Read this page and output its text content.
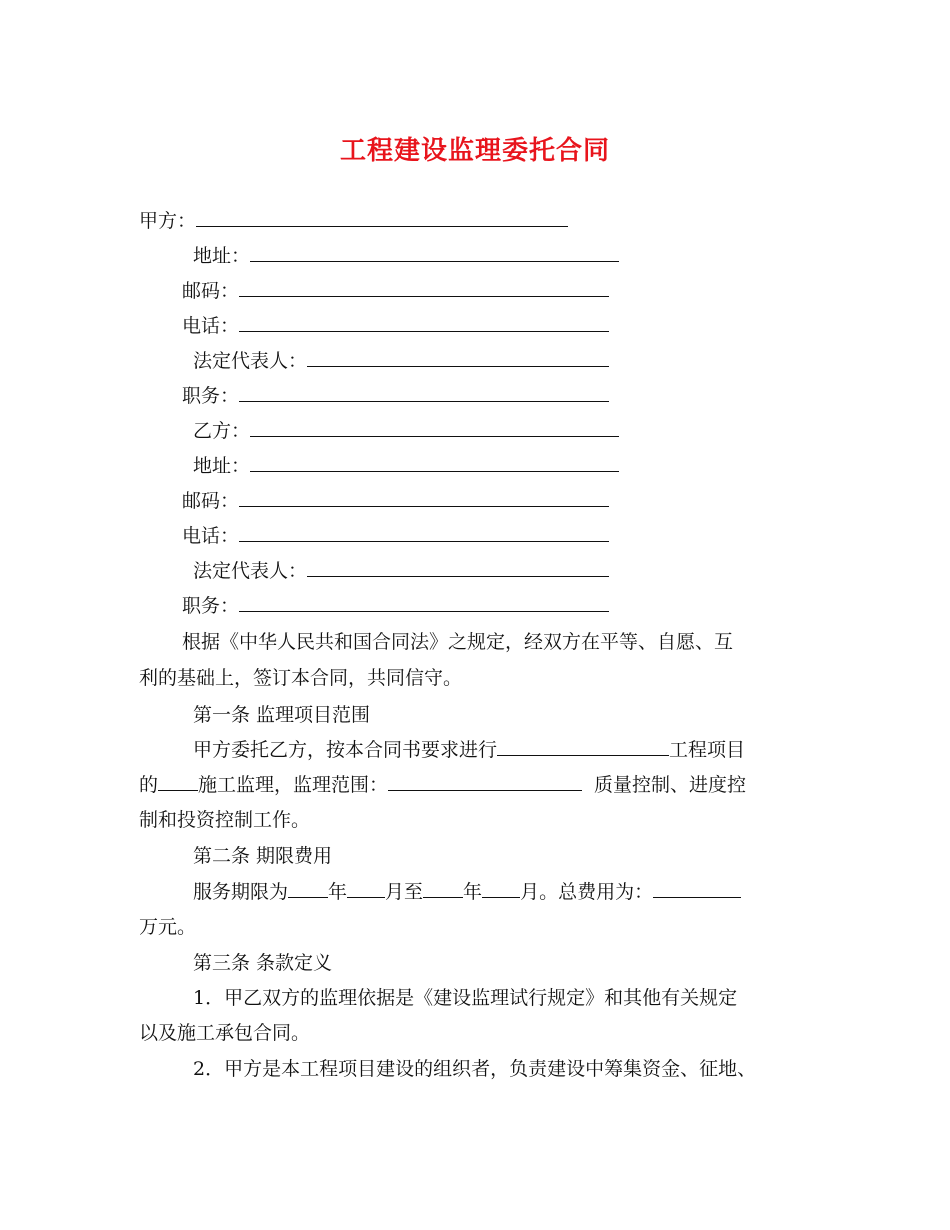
工程建设监理委托合同
甲方：
地址：
邮码：
电话：
法定代表人：
职务：
乙方：
地址：
邮码：
电话：
法定代表人：
职务：
根据《中华人民共和国合同法》之规定，经双方在平等、自愿、互
利的基础上，签订本合同，共同信守。
第一条 监理项目范围
甲方委托乙方，按本合同书要求进行	工程项目
的 施工监理，监理范围：	质量控制、进度控
制和投资控制工作。
第二条 期限费用
服务期限为 年 月至 年 月。总费用为：
万元。
第三条 条款定义
1．甲乙双方的监理依据是《建设监理试行规定》和其他有关规定
以及施工承包合同。
2．甲方是本工程项目建设的组织者，负责建设中筹集资金、征地、
